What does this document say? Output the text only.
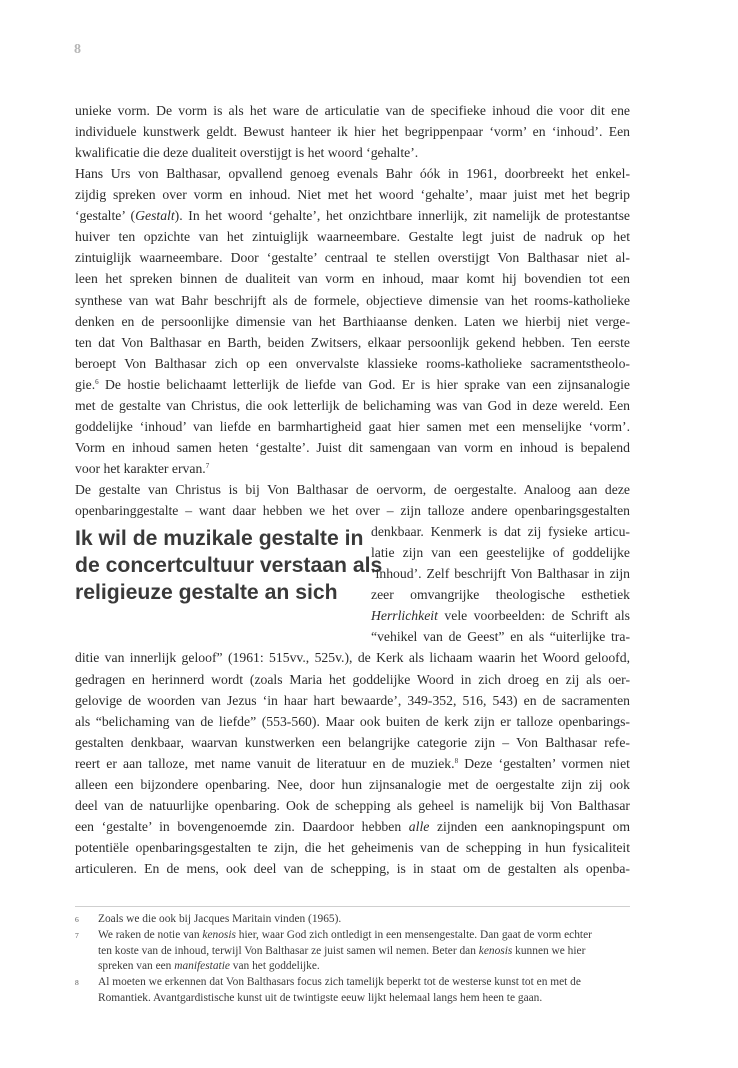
8
unieke vorm. De vorm is als het ware de articulatie van de specifieke inhoud die voor dit ene
individuele kunstwerk geldt. Bewust hanteer ik hier het begrippenpaar ‘vorm’ en ‘inhoud’. Een
kwalificatie die deze dualiteit overstijgt is het woord ‘gehalte’.
Hans Urs von Balthasar, opvallend genoeg evenals Bahr óók in 1961, doorbreekt het enkel-
zijdig spreken over vorm en inhoud. Niet met het woord ‘gehalte’, maar juist met het begrip
‘gestalte’ (Gestalt). In het woord ‘gehalte’, het onzichtbare innerlijk, zit namelijk de protestantse
huiver ten opzichte van het zintuiglijk waarneembare. Gestalte legt juist de nadruk op het
zintuiglijk waarneembare. Door ‘gestalte’ centraal te stellen overstijgt Von Balthasar niet al-
leen het spreken binnen de dualiteit van vorm en inhoud, maar komt hij bovendien tot een
synthese van wat Bahr beschrijft als de formele, objectieve dimensie van het rooms-katholieke
denken en de persoonlijke dimensie van het Barthiaanse denken. Laten we hierbij niet verge-
ten dat Von Balthasar en Barth, beiden Zwitsers, elkaar persoonlijk gekend hebben. Ten eerste
beroept Von Balthasar zich op een onvervalste klassieke rooms-katholieke sacramentstheolo-
gie.$^6$ De hostie belichaamt letterlijk de liefde van God. Er is hier sprake van een zijnsanalogie
met de gestalte van Christus, die ook letterlijk de belichaming was van God in deze wereld. Een
goddelijke ‘inhoud’ van liefde en barmhartigheid gaat hier samen met een menselijke ‘vorm’.
Vorm en inhoud samen heten ‘gestalte’. Juist dit samengaan van vorm en inhoud is bepalend
voor het karakter ervan.$^7$
De gestalte van Christus is bij Von Balthasar de oervorm, de oergestalte. Analoog aan deze
openbaringgestalte – want daar hebben we het over – zijn talloze andere openbaringsgestalten
Ik wil de muzikale gestalte in
de concertcultuur verstaan als
religieuze gestalte an sich
denkbaar. Kenmerk is dat zij fysieke articu-
latie zijn van een geestelijke of goddelijke
‘inhoud’. Zelf beschrijft Von Balthasar in zijn
zeer omvangrijke theologische esthetiek
Herrlichkeit vele voorbeelden: de Schrift als
“vehikel van de Geest” en als “uiterlijke tra-
ditie van innerlijk geloof” (1961: 515vv., 525v.), de Kerk als lichaam waarin het Woord geloofd,
gedragen en herinnerd wordt (zoals Maria het goddelijke Woord in zich droeg en zij als oer-
gelovige de woorden van Jezus ‘in haar hart bewaarde’, 349-352, 516, 543) en de sacramenten
als “belichaming van de liefde” (553-560). Maar ook buiten de kerk zijn er talloze openbarings-
gestalten denkbaar, waarvan kunstwerken een belangrijke categorie zijn – Von Balthasar refe-
reert er aan talloze, met name vanuit de literatuur en de muziek.$^8$ Deze ‘gestalten’ vormen niet
alleen een bijzondere openbaring. Nee, door hun zijnsanalogie met de oergestalte zijn zij ook
deel van de natuurlijke openbaring. Ook de schepping als geheel is namelijk bij Von Balthasar
een ‘gestalte’ in bovengenoemde zin. Daardoor hebben alle zijnden een aanknopingspunt om
potentiële openbaringsgestalten te zijn, die het geheimenis van de schepping in hun fysicaliteit
articuleren. En de mens, ook deel van de schepping, is in staat om de gestalten als openba-
6 Zoals we die ook bij Jacques Maritain vinden (1965).
7 We raken de notie van kenosis hier, waar God zich ontledigt in een mensengestalte. Dan gaat de vorm echter
ten koste van de inhoud, terwijl Von Balthasar ze juist samen wil nemen. Beter dan kenosis kunnen we hier
spreken van een manifestatie van het goddelijke.
8 Al moeten we erkennen dat Von Balthasars focus zich tamelijk beperkt tot de westerse kunst tot en met de
Romantiek. Avantgardistische kunst uit de twintigste eeuw lijkt helemaal langs hem heen te gaan.
